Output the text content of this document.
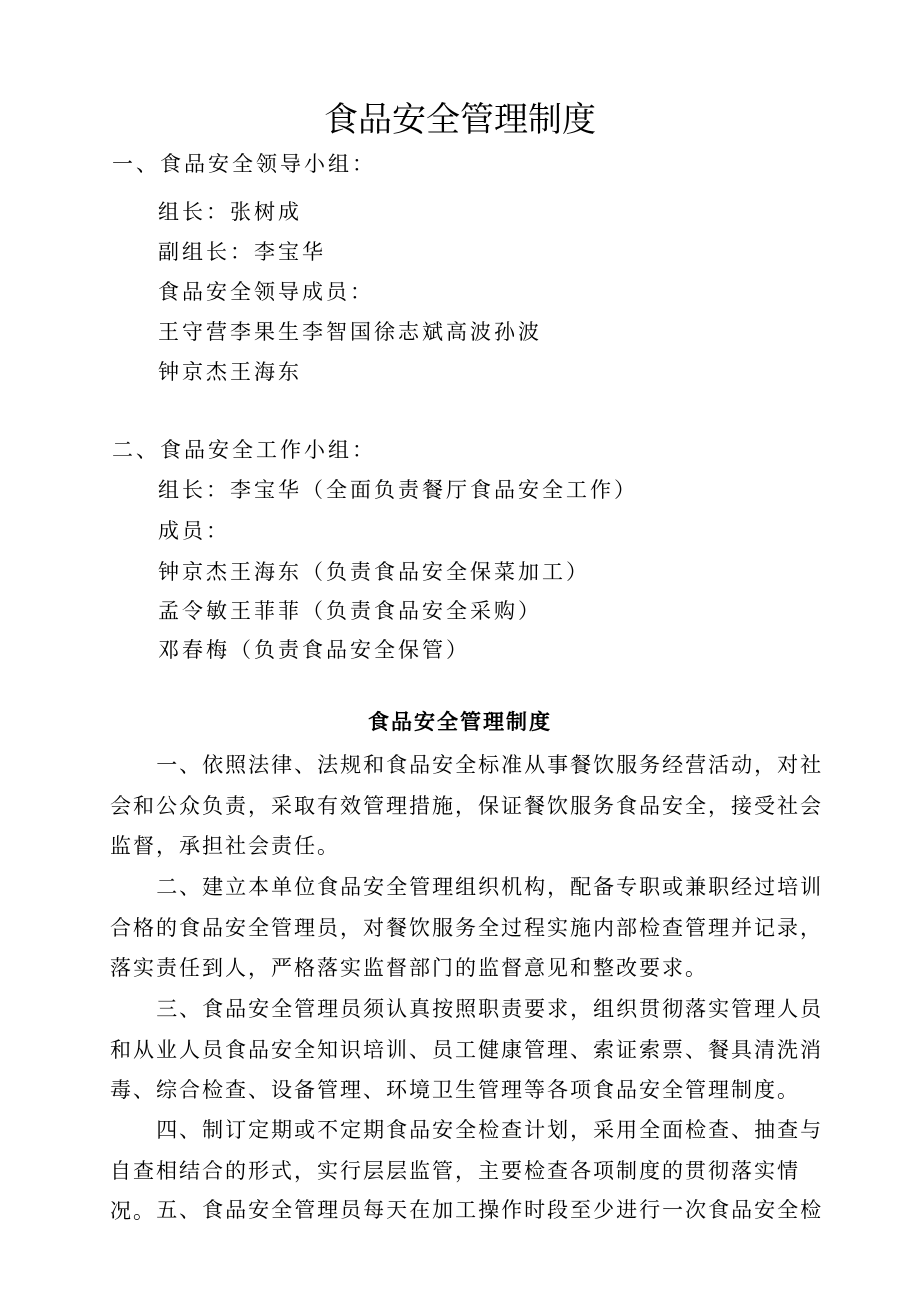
食品安全管理制度
一、食品安全领导小组：
组长：张树成
副组长：李宝华
食品安全领导成员：
王守营李果生李智国徐志斌高波孙波
钟京杰王海东
二、食品安全工作小组：
组长：李宝华（全面负责餐厅食品安全工作）
成员：
钟京杰王海东（负责食品安全保菜加工）
孟令敏王菲菲（负责食品安全采购）
邓春梅（负责食品安全保管）
食品安全管理制度
一、依照法律、法规和食品安全标准从事餐饮服务经营活动，对社会和公众负责，采取有效管理措施，保证餐饮服务食品安全，接受社会监督，承担社会责任。
二、建立本单位食品安全管理组织机构，配备专职或兼职经过培训合格的食品安全管理员，对餐饮服务全过程实施内部检查管理并记录，落实责任到人，严格落实监督部门的监督意见和整改要求。
三、食品安全管理员须认真按照职责要求，组织贯彻落实管理人员和从业人员食品安全知识培训、员工健康管理、索证索票、餐具清洗消毒、综合检查、设备管理、环境卫生管理等各项食品安全管理制度。
四、制订定期或不定期食品安全检查计划，采用全面检查、抽查与自查相结合的形式，实行层层监管，主要检查各项制度的贯彻落实情况。 五、食品安全管理员每天在加工操作时段至少进行一次食品安全检
